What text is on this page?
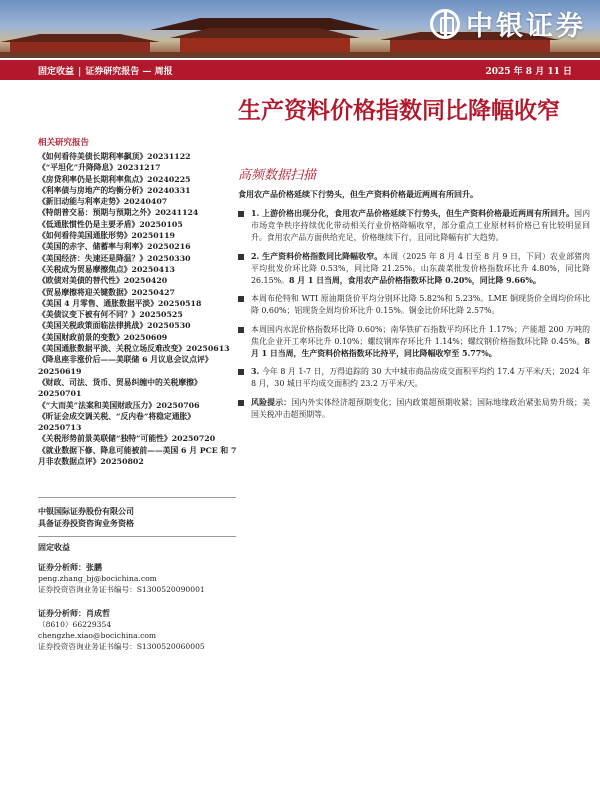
中银证券
固定收益 | 证券研究报告 — 周报	2025 年 8 月 11 日
生产资料价格指数同比降幅收窄
高频数据扫描
食用农产品价格延续下行势头，但生产资料价格最近两周有所回升。
相关研究报告
《如何看待美债长期利率飙顶》20231122
《“平坦化”升降降息》20231217
《房贷利率仍是长期利率焦点》20240225
《利率债与房地产的均衡分析》20240331
《新旧动能与利率走势》20240407
《特朗普交易：预期与预期之外》20241124
《低通胀惯性仍是主要矛盾》20250105
《如何看待美国通胀形势》20250119
《美国的赤字、储蓄率与利率》20250216
《美国经济：失速还是降温？》20250330
《关税成为贸易摩擦焦点》20250413
《欧债对美债的替代性》20250420
《贸易摩擦将迎关键数据》20250427
《美国 4 月零售、通胀数据平淡》20250518
《美债议变下被有何不同？》20250525
《美国关税政策面临法律挑战》20250530
《美国财政前景的变数》20250609
《美国通胀数据平淡、关税立场反难改变》20250613
《降息座非涨价后——美联储 6 月议息会议点评》20250619
《财政、司法、货币、贸易纠缠中的关税摩擦》20250701
《“大而美”法案和美国财政压力》20250706
《昕证会成交调关税、“反内卷”将稳定通胀》20250713
《关税形势前景美联储“独特”可能性》20250720
《就业数据下修、降息可能被前——美国 6 月 PCE 和 7 月非农数据点评》20250802
中银国际证券股份有限公司
具备证券投资咨询业务资格
固定收益
证券分析师：张鹏
peng.zhang_bj@bocichina.com
证券投资咨询业务证书编号：S1300520090001
证券分析师：肖成哲
（8610）66229354
chengzhe.xiao@bocichina.com
证券投资咨询业务证书编号：S1300520060005
1. 上游价格出现分化，食用农产品价格延续下行势头，但生产资料价格最近两周有所回升。国内市场竞争秩序持续优化带动相关行业价格降幅收窄，部分重点工业原材料价格已有比较明显回升。食用农产品方面供给充足，价格继续下行，且同比降幅有扩大趋势。
2. 生产资料价格指数同比降幅收窄。本周（2025 年 8 月 4 日至 8 月 9 日，下同）农业部猪肉平均批发价环比降 0.53%，同比降 21.25%。山东蔬菜批发价格指数环比升 4.80%，同比降 26.15%。8 月 1 日当周，食用农产品价格指数环比降 0.20%，同比降 9.66%。
本周布伦特和 WTI 原油期货价平均分别环比降 5.82%和 5.23%。LME 铜现货价全周均价环比降 0.60%；铝现货全周均价环比升 0.15%。铜金比价环比降 2.57%。
本周国内水泥价格指数环比降 0.60%；南华铁矿石指数平均环比升 1.17%；产能超 200 万吨的焦化企业开工率环比升 0.10%；螺纹钢库存环比升 1.14%；螺纹钢价格指数环比降 0.45%。8 月 1 日当周，生产资料价格指数环比持平，同比降幅收窄至 5.77%。
3. 今年 8 月 1-7 日，万得追踪的 30 大中城市商品房成交面积平均约 17.4 万平米/天；2024 年 8 月，30 城日平均成交面积约 23.2 万平米/天。
风险提示：国内外实体经济超预期变化；国内政策超预期收紧；国际地缘政治紧张局势升级；美国关税冲击超预期等。
